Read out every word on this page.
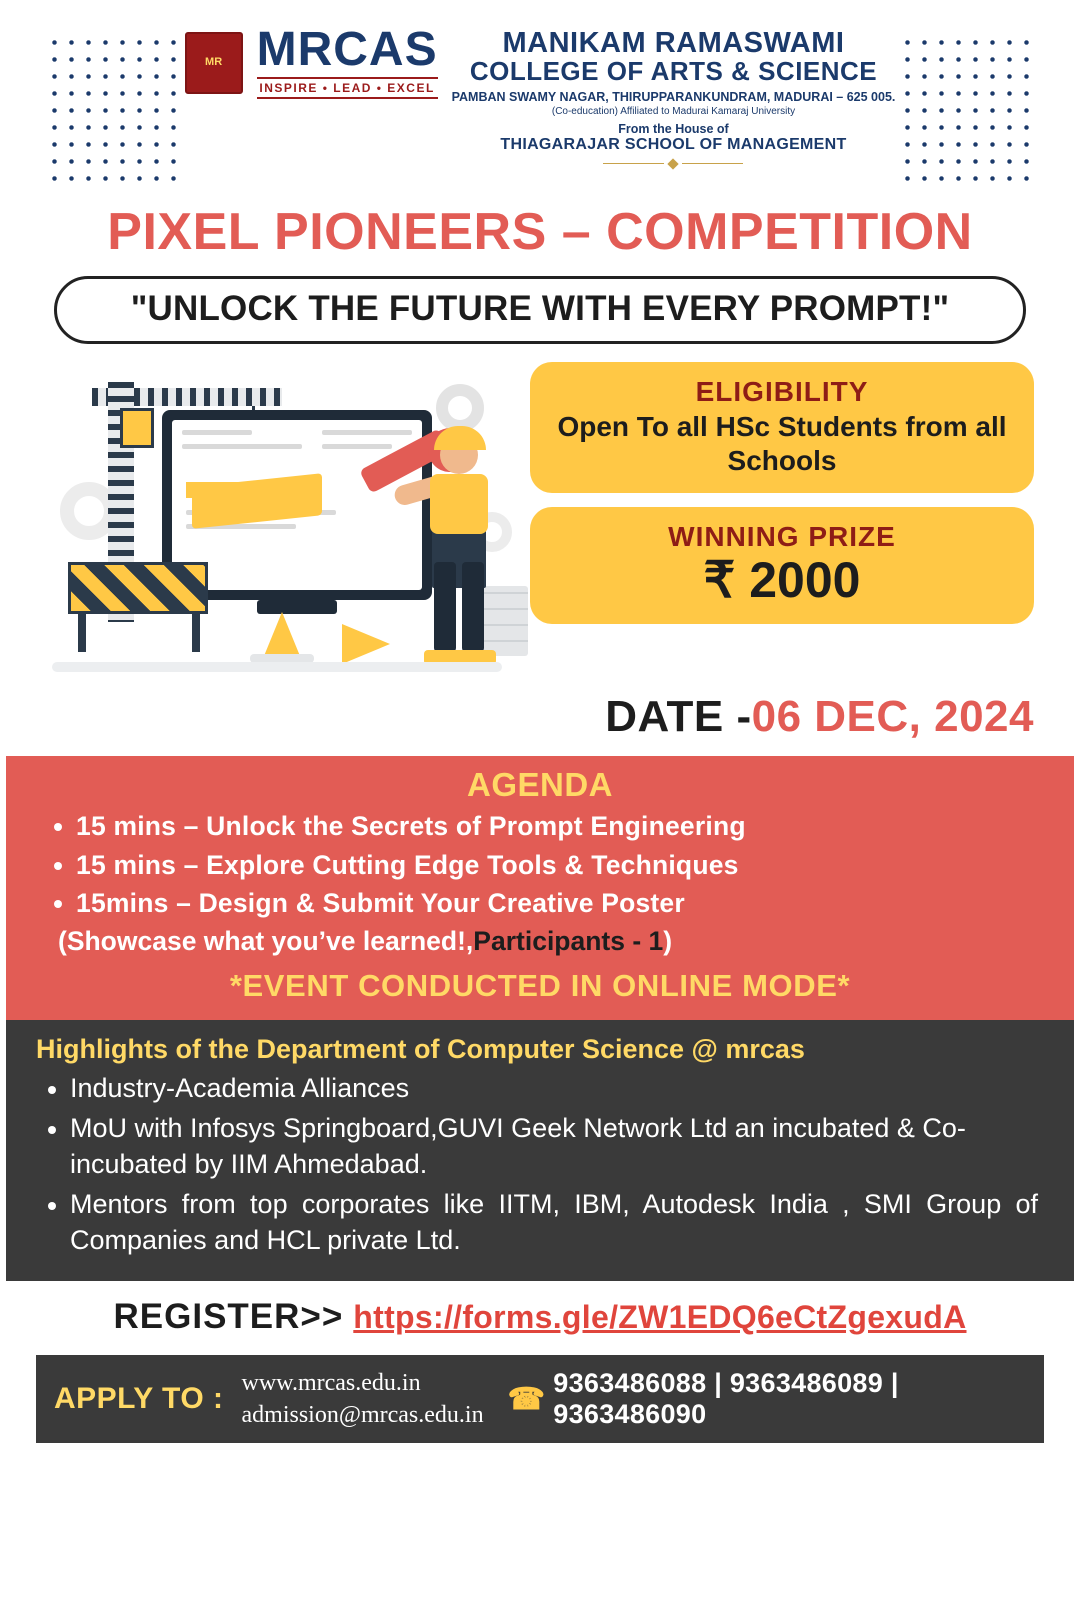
MR MRCAS
INSPIRE • LEAD • EXCEL
MANIKAM RAMASWAMI
COLLEGE OF ARTS & SCIENCE
PAMBAN SWAMY NAGAR, THIRUPPARANKUNDRAM, MADURAI – 625 005.
(Co-education) Affiliated to Madurai Kamaraj University
From the House of
THIAGARAJAR SCHOOL OF MANAGEMENT
PIXEL PIONEERS – COMPETITION
"UNLOCK THE FUTURE WITH EVERY PROMPT!"
ELIGIBILITY
Open To all HSc Students from all Schools
WINNING PRIZE
₹ 2000
DATE -06 DEC, 2024
AGENDA
15 mins – Unlock the Secrets of Prompt Engineering
15 mins – Explore Cutting Edge Tools & Techniques
15mins – Design & Submit Your Creative Poster
(Showcase what you’ve learned!,Participants - 1)
*EVENT CONDUCTED IN ONLINE MODE*
Highlights of the Department of Computer Science @ mrcas
Industry-Academia Alliances
MoU with Infosys Springboard,GUVI Geek Network Ltd an incubated & Co-incubated by IIM Ahmedabad.
Mentors from top corporates like IITM, IBM, Autodesk India , SMI Group of Companies and HCL private Ltd.
REGISTER>> https://forms.gle/ZW1EDQ6eCtZgexudA
APPLY TO : www.mrcas.edu.in
admission@mrcas.edu.in ☎ 9363486088 | 9363486089 | 9363486090
